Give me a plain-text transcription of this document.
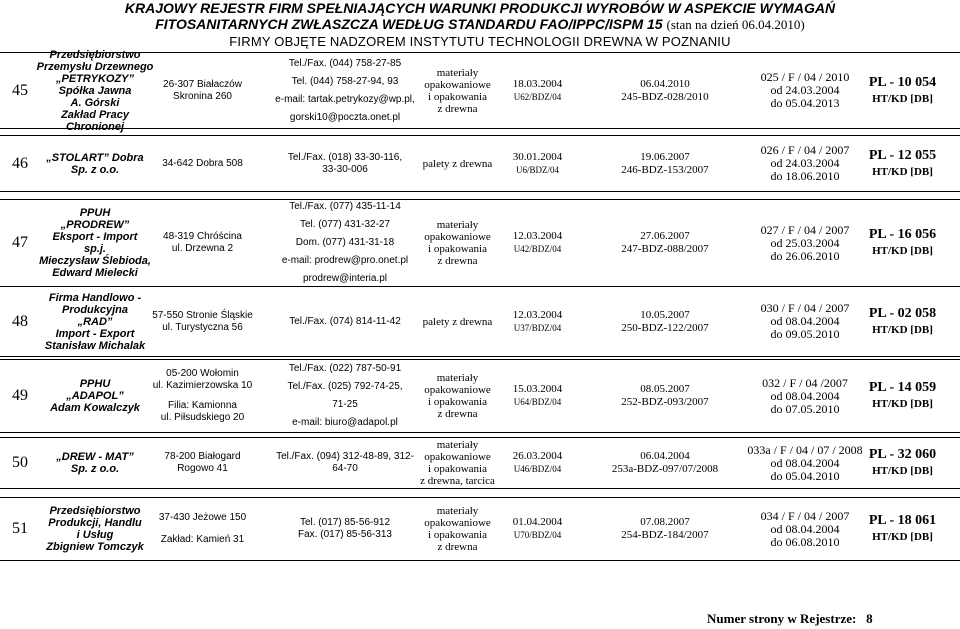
KRAJOWY REJESTR FIRM SPEŁNIAJĄCYCH WARUNKI PRODUKCJI WYROBÓW W ASPEKCIE WYMAGAŃ
FITOSANITARNYCH ZWŁASZCZA WEDŁUG STANDARDU FAO/IPPC/ISPM 15 (stan na dzień 06.04.2010)
FIRMY OBJĘTE NADZOREM INSTYTUTU TECHNOLOGII DREWNA W POZNANIU
45
Przedsiębiorstwo
Przemysłu Drzewnego
„PETRYKOZY”
Spółka Jawna
A. Górski
Zakład Pracy
Chronionej
26-307 Białaczów
Skronina 260
Tel./Fax. (044) 758-27-85
Tel. (044) 758-27-94, 93
e-mail: tartak.petrykozy@wp.pl,
gorski10@poczta.onet.pl
materiały
opakowaniowe
i opakowania
z drewna
18.03.2004
U62/BDZ/04
06.04.2010
245-BDZ-028/2010
025 / F / 04 / 2010
od 24.03.2004
do 05.04.2013
PL - 10 054
HT/KD [DB]
46 „STOLART” Dobra
Sp. z o.o.
34-642 Dobra 508
Tel./Fax. (018) 33-30-116,
33-30-006	palety z drewna
30.01.2004
U6/BDZ/04
19.06.2007
246-BDZ-153/2007
026 / F / 04 / 2007
od 24.03.2004
do 18.06.2010
PL - 12 055
HT/KD [DB]
47
PPUH
„PRODREW”
Eksport - Import
sp.j.
Mieczysław Ślebioda,
Edward Mielecki
48-319 Chróścina
ul. Drzewna 2
Tel./Fax. (077) 435-11-14
Tel. (077) 431-32-27
Dom. (077) 431-31-18
e-mail: prodrew@pro.onet.pl
prodrew@interia.pl
materiały
opakowaniowe
i opakowania
z drewna
12.03.2004
U42/BDZ/04
27.06.2007
247-BDZ-088/2007
027 / F / 04 / 2007
od 25.03.2004
do 26.06.2010
PL - 16 056
HT/KD [DB]
48
Firma Handlowo -
Produkcyjna
„RAD”
Import - Export
Stanisław Michalak
57-550 Stronie Śląskie
ul. Turystyczna 56
Tel./Fax. (074) 814-11-42 palety z drewna
12.03.2004
U37/BDZ/04
10.05.2007
250-BDZ-122/2007
030 / F / 04 / 2007
od 08.04.2004
do 09.05.2010
PL - 02 058
HT/KD [DB]
49
PPHU
„ADAPOL”
Adam Kowalczyk
05-200 Wołomin
ul. Kazimierzowska 10
Filia: Kamionna
ul. Piłsudskiego 20
Tel./Fax. (022) 787-50-91
Tel./Fax. (025) 792-74-25,
71-25
e-mail: biuro@adapol.pl
materiały
opakowaniowe
i opakowania
z drewna
15.03.2004
U64/BDZ/04
08.05.2007
252-BDZ-093/2007
032 / F / 04 /2007
od 08.04.2004
do 07.05.2010
PL - 14 059
HT/KD [DB]
50	„DREW - MAT”
Sp. z o.o.
78-200 Białogard
Rogowo 41
Tel./Fax. (094) 312-48-89, 312-
64-70
materiały
opakowaniowe
i opakowania
z drewna, tarcica
26.03.2004
U46/BDZ/04
06.04.2004
253a-BDZ-097/07/2008
033a / F / 04 / 07 / 2008
od 08.04.2004
do 05.04.2010
PL - 32 060
HT/KD [DB]
51
Przedsiębiorstwo
Produkcji, Handlu
i Usług
Zbigniew Tomczyk
37-430 Jeżowe 150
Zakład: Kamień 31
Tel. (017) 85-56-912
Fax. (017) 85-56-313
materiały
opakowaniowe
i opakowania
z drewna
01.04.2004
U70/BDZ/04
07.08.2007
254-BDZ-184/2007
034 / F / 04 / 2007
od 08.04.2004
do 06.08.2010
PL - 18 061
HT/KD [DB]
Numer strony w Rejestrze: 8
